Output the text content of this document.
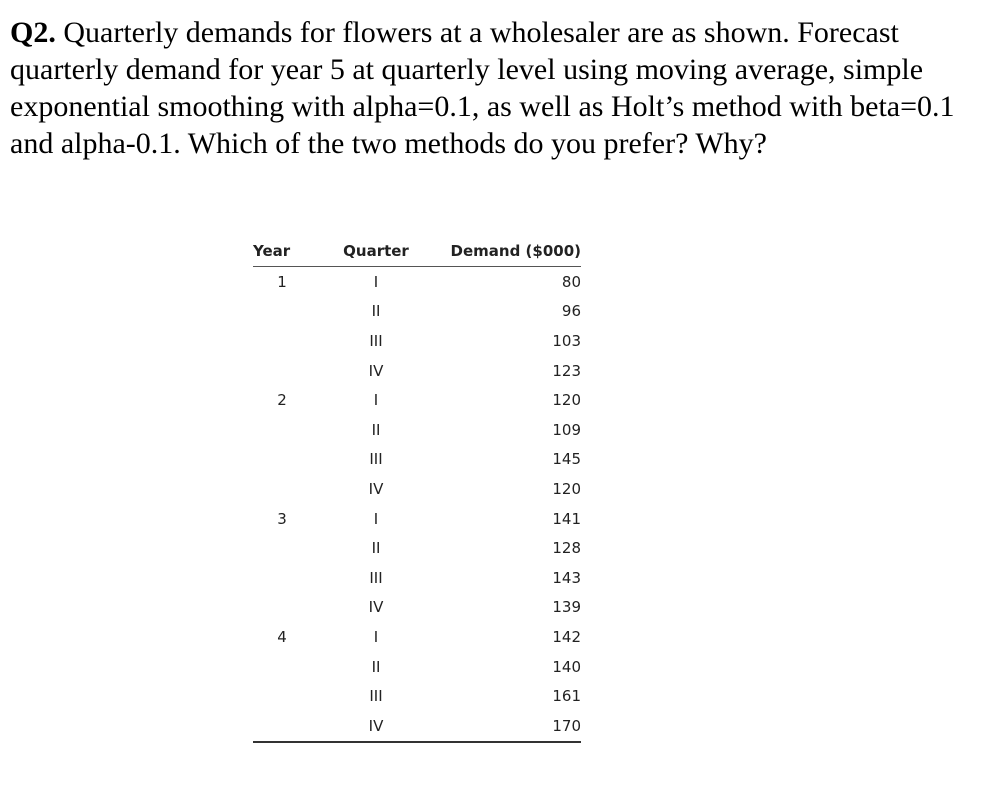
Q2. Quarterly demands for flowers at a wholesaler are as shown. Forecast quarterly demand for year 5 at quarterly level using moving average, simple exponential smoothing with alpha=0.1, as well as Holt’s method with beta=0.1 and alpha-0.1. Which of the two methods do you prefer? Why?

Year	Quarter	Demand ($000)
1	I	80
	II	96
	III	103
	IV	123
2	I	120
	II	109
	III	145
	IV	120
3	I	141
	II	128
	III	143
	IV	139
4	I	142
	II	140
	III	161
	IV	170
